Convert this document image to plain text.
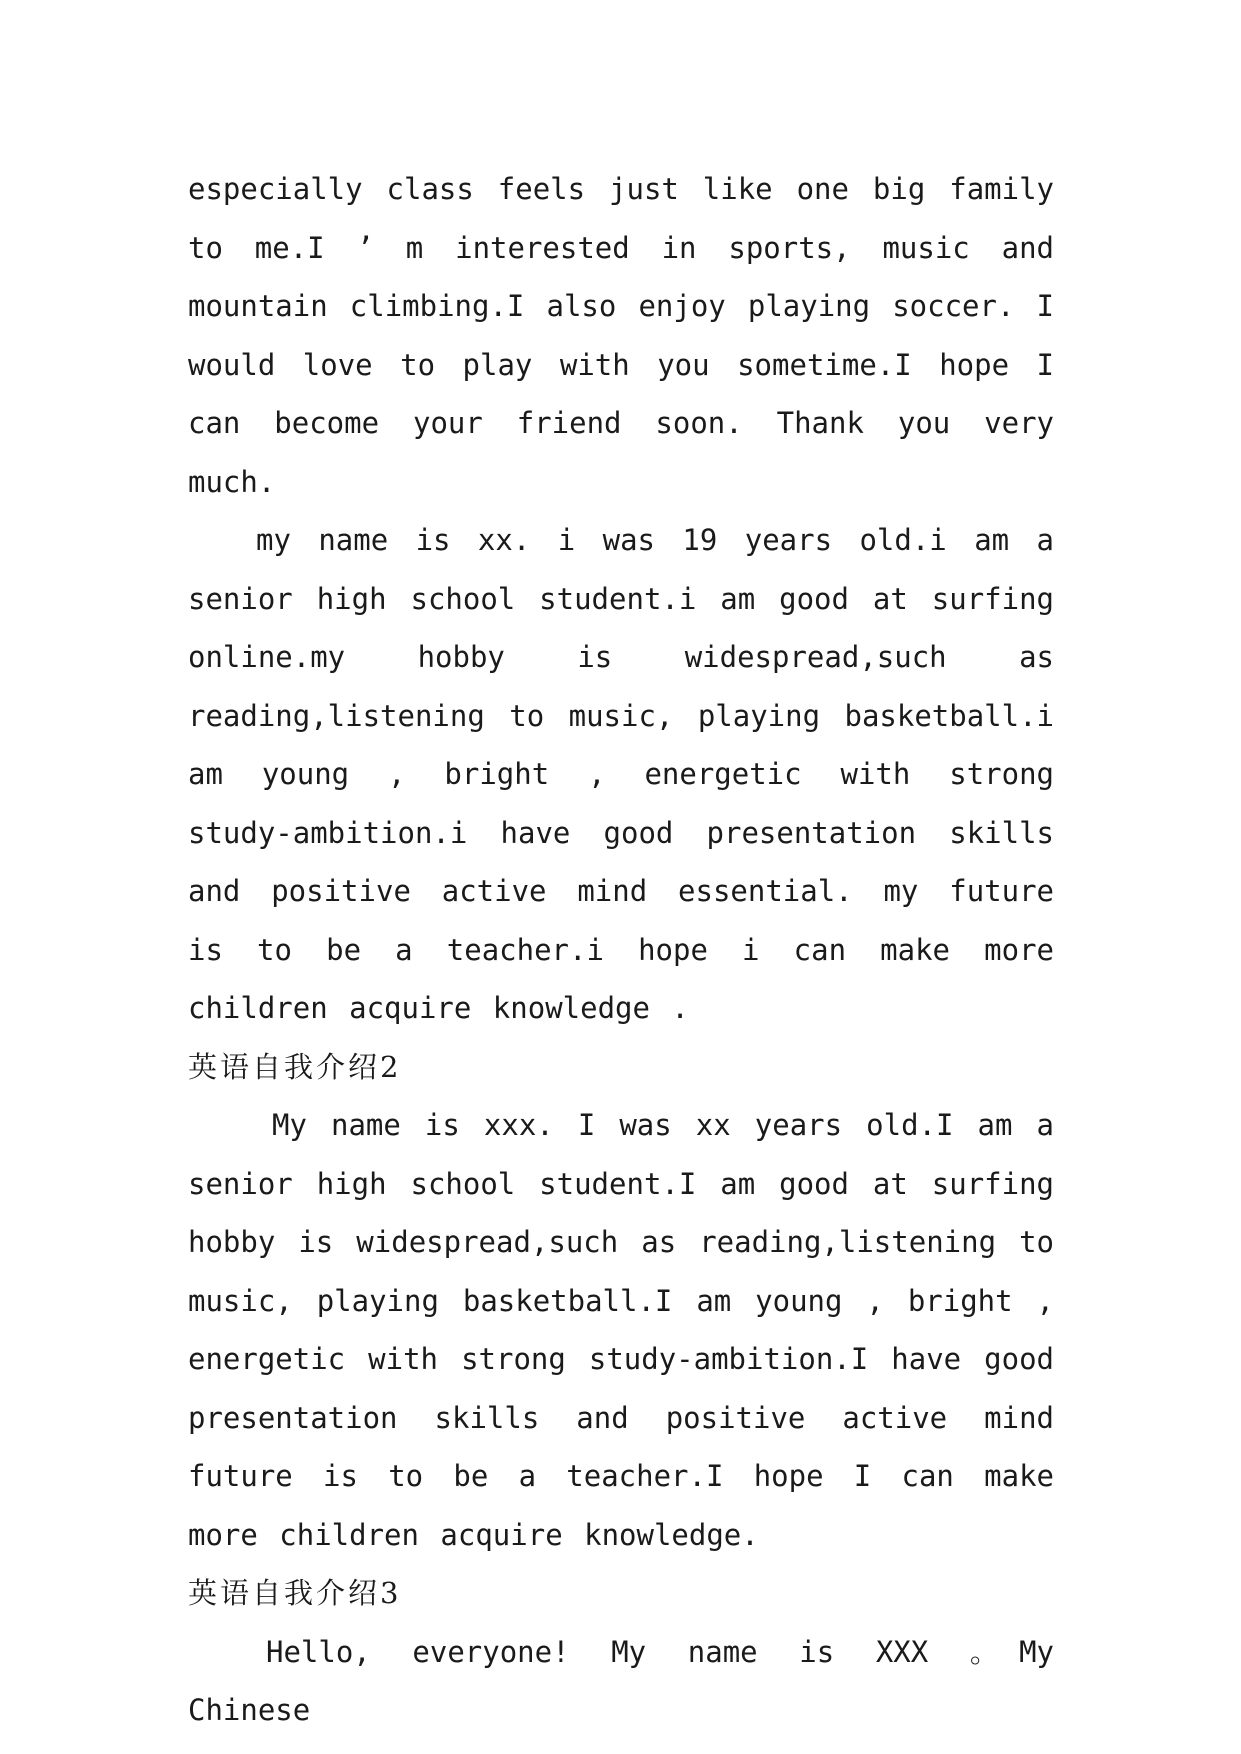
especially class feels just like one big family to me.I ’ m interested in sports, music and mountain climbing.I also enjoy playing soccer. I would love to play with you sometime.I hope I can become your friend soon. Thank you very much.

my name is xx. i was 19 years old.i am a senior high school student.i am good at surfing online.my hobby is widespread,such as reading,listening to music, playing basketball.i am young , bright , energetic with strong study-ambition.i have good presentation skills and positive active mind essential. my future is to be a teacher.i hope i can make more children acquire knowledge .

英语自我介绍2

My name is xxx. I was xx years old.I am a senior high school student.I am good at surfing hobby is widespread,such as reading,listening to music, playing basketball.I am young , bright , energetic with strong study-ambition.I have good presentation skills and positive active mind future is to be a teacher.I hope I can make more children acquire knowledge.

英语自我介绍3

Hello, everyone! My name is XXX 。My Chinese
